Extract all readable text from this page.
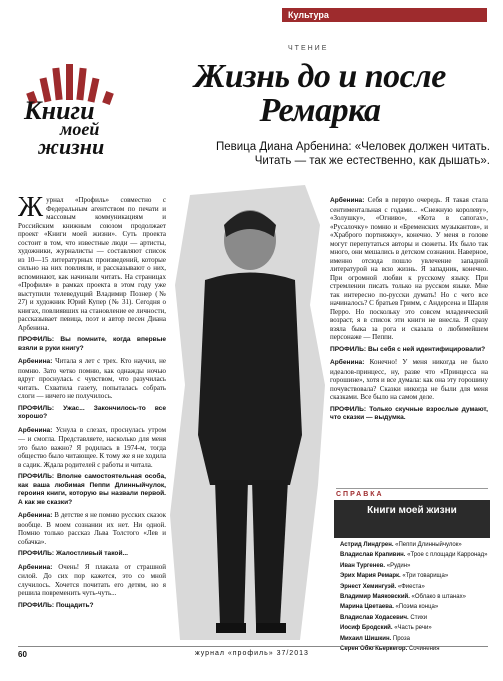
Культура
ЧТЕНИЕ
Книги
моей
жизни
Жизнь до и после
Ремарка
Певица Диана Арбенина: «Человек должен читать.
Читать — так же естественно, как дышать».

Ж урнал «Профиль» совместно с Федеральным агентством по печати и массовым коммуникациям и Российским книжным союзом продолжает проект «Книги моей жизни». Суть проекта состоит в том, что известные люди — артисты, художники, журналисты — составляют список из 10—15 литературных произведений, которые сильно на них повлияли, и рассказывают о них, вспоминают, как начинали читать. На страницах «Профиля» в рамках проекта в этом году уже выступили телеведущий Владимир Познер (№ 27) и художник Юрий Купер (№ 31). Сегодня о книгах, повлиявших на становление ее личности, рассказывает певица, поэт и автор песен Диана Арбенина.

ПРОФИЛЬ: Вы помните, когда впервые взяли в руки книгу?

Арбенина: Читала я лет с трех. Кто научил, не помню. Зато четко помню, как однажды ночью вдруг проснулась с чувством, что разучилась читать. Схватила газету, попыталась собрать слоги — ничего не получилось.

ПРОФИЛЬ: Ужас... Закончилось-то все хорошо?

Арбенина: Уснула в слезах, проснулась утром — и смогла. Представляете, насколько для меня это было важно? Я родилась в 1974-м, тогда общество было читающее. К тому же я не ходила в садик. Ждала родителей с работы и читала.

ПРОФИЛЬ: Вполне самостоятельная особа, как ваша любимая Пеппи Длинныйчулок, героиня книги, которую вы назвали первой. А как же сказки?

Арбенина: В детстве я не помню русских сказок вообще. В моем сознании их нет. Ни одной. Помню только рассказ Льва Толстого «Лев и собачка».

ПРОФИЛЬ: Жалостливый такой...

Арбенина: Очень! Я плакала от страшной силой. До сих пор кажется, это со мной случилось. Хочется почитать его детям, но я решила повременить чуть-чуть...

ПРОФИЛЬ: Пощадить?

Арбенина: Себя в первую очередь. Я такая стала сентиментальная с годами... «Снежную королеву», «Золушку», «Огниво», «Кота в сапогах», «Русалочку» помню и «Бременских музыкантов», и «Храброго портняжку», конечно. У меня в голове могут перепутаться авторы и сюжеты. Их было так много, они мешались в детском сознании. Наверное, именно отсюда пошло увлечение западной литературой на всю жизнь. Я западник, конечно. При огромной любви к русскому языку. При стремлении писать только на русском языке. Мне так интересно по-русски думать! Но с чего все начиналось? С братьев Гримм, с Андерсена и Шарля Перро. Но поскольку это совсем младенческий возраст, я в список эти книги не внесла. Я сразу взяла быка за рога и сказала о любимейшем персонаже — Пеппи.

ПРОФИЛЬ: Вы себя с ней идентифицировали?

Арбенина: Конечно! У меня никогда не было идеалов-принцесс, ну, разве что «Принцесса на горошине», хотя и все думала: как она эту горошину почувствовала? Сказки никогда не были для меня сказками. Все было на самом деле.

ПРОФИЛЬ: Только скучные взрослые думают, что сказки — выдумка.

СПРАВКА
Книги моей жизни
Астрид Линдгрен. «Пеппи Длинныйчулок»
Владислав Крапивин. «Трое с площади Карронад»
Иван Тургенев. «Рудин»
Эрих Мария Ремарк. «Три товарища»
Эрнест Хемингуэй. «Фиеста»
Владимир Маяковский. «Облако в штанах»
Марина Цветаева. «Поэма конца»
Владислав Ходасевич. Стихи
Иосиф Бродский. «Часть речи»
Михаил Шишкин. Проза
Серен Обю Кьеркегор. Сочинения
60	журнал «профиль» 37/2013
